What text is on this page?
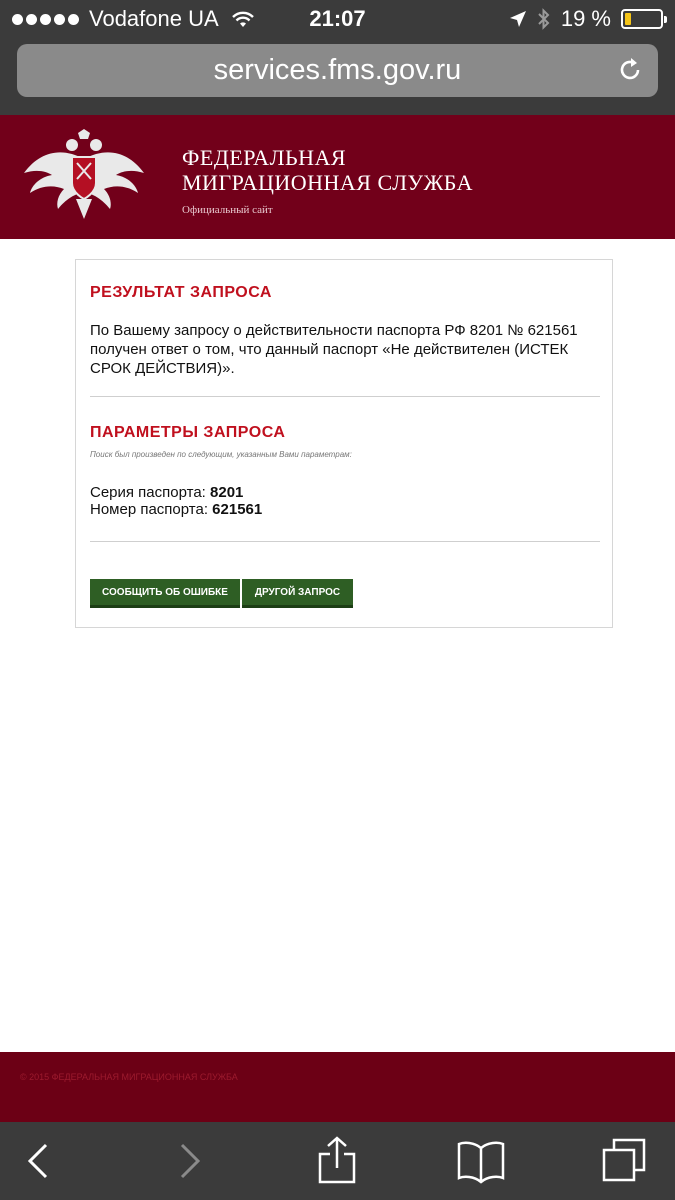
Vodafone UA	21:07	19 %
services.fms.gov.ru
ФЕДЕРАЛЬНАЯ
МИГРАЦИОННАЯ СЛУЖБА
Официальный сайт
РЕЗУЛЬТАТ ЗАПРОСА
По Вашему запросу о действительности паспорта РФ 8201 № 621561 получен ответ о том, что данный паспорт «Не действителен (ИСТЕК СРОК ДЕЙСТВИЯ)».
ПАРАМЕТРЫ ЗАПРОСА
Поиск был произведен по следующим, указанным Вами параметрам:
Серия паспорта: 8201
Номер паспорта: 621561
СООБЩИТЬ ОБ ОШИБКЕ	ДРУГОЙ ЗАПРОС
© 2015 ФЕДЕРАЛЬНАЯ МИГРАЦИОННАЯ СЛУЖБА
